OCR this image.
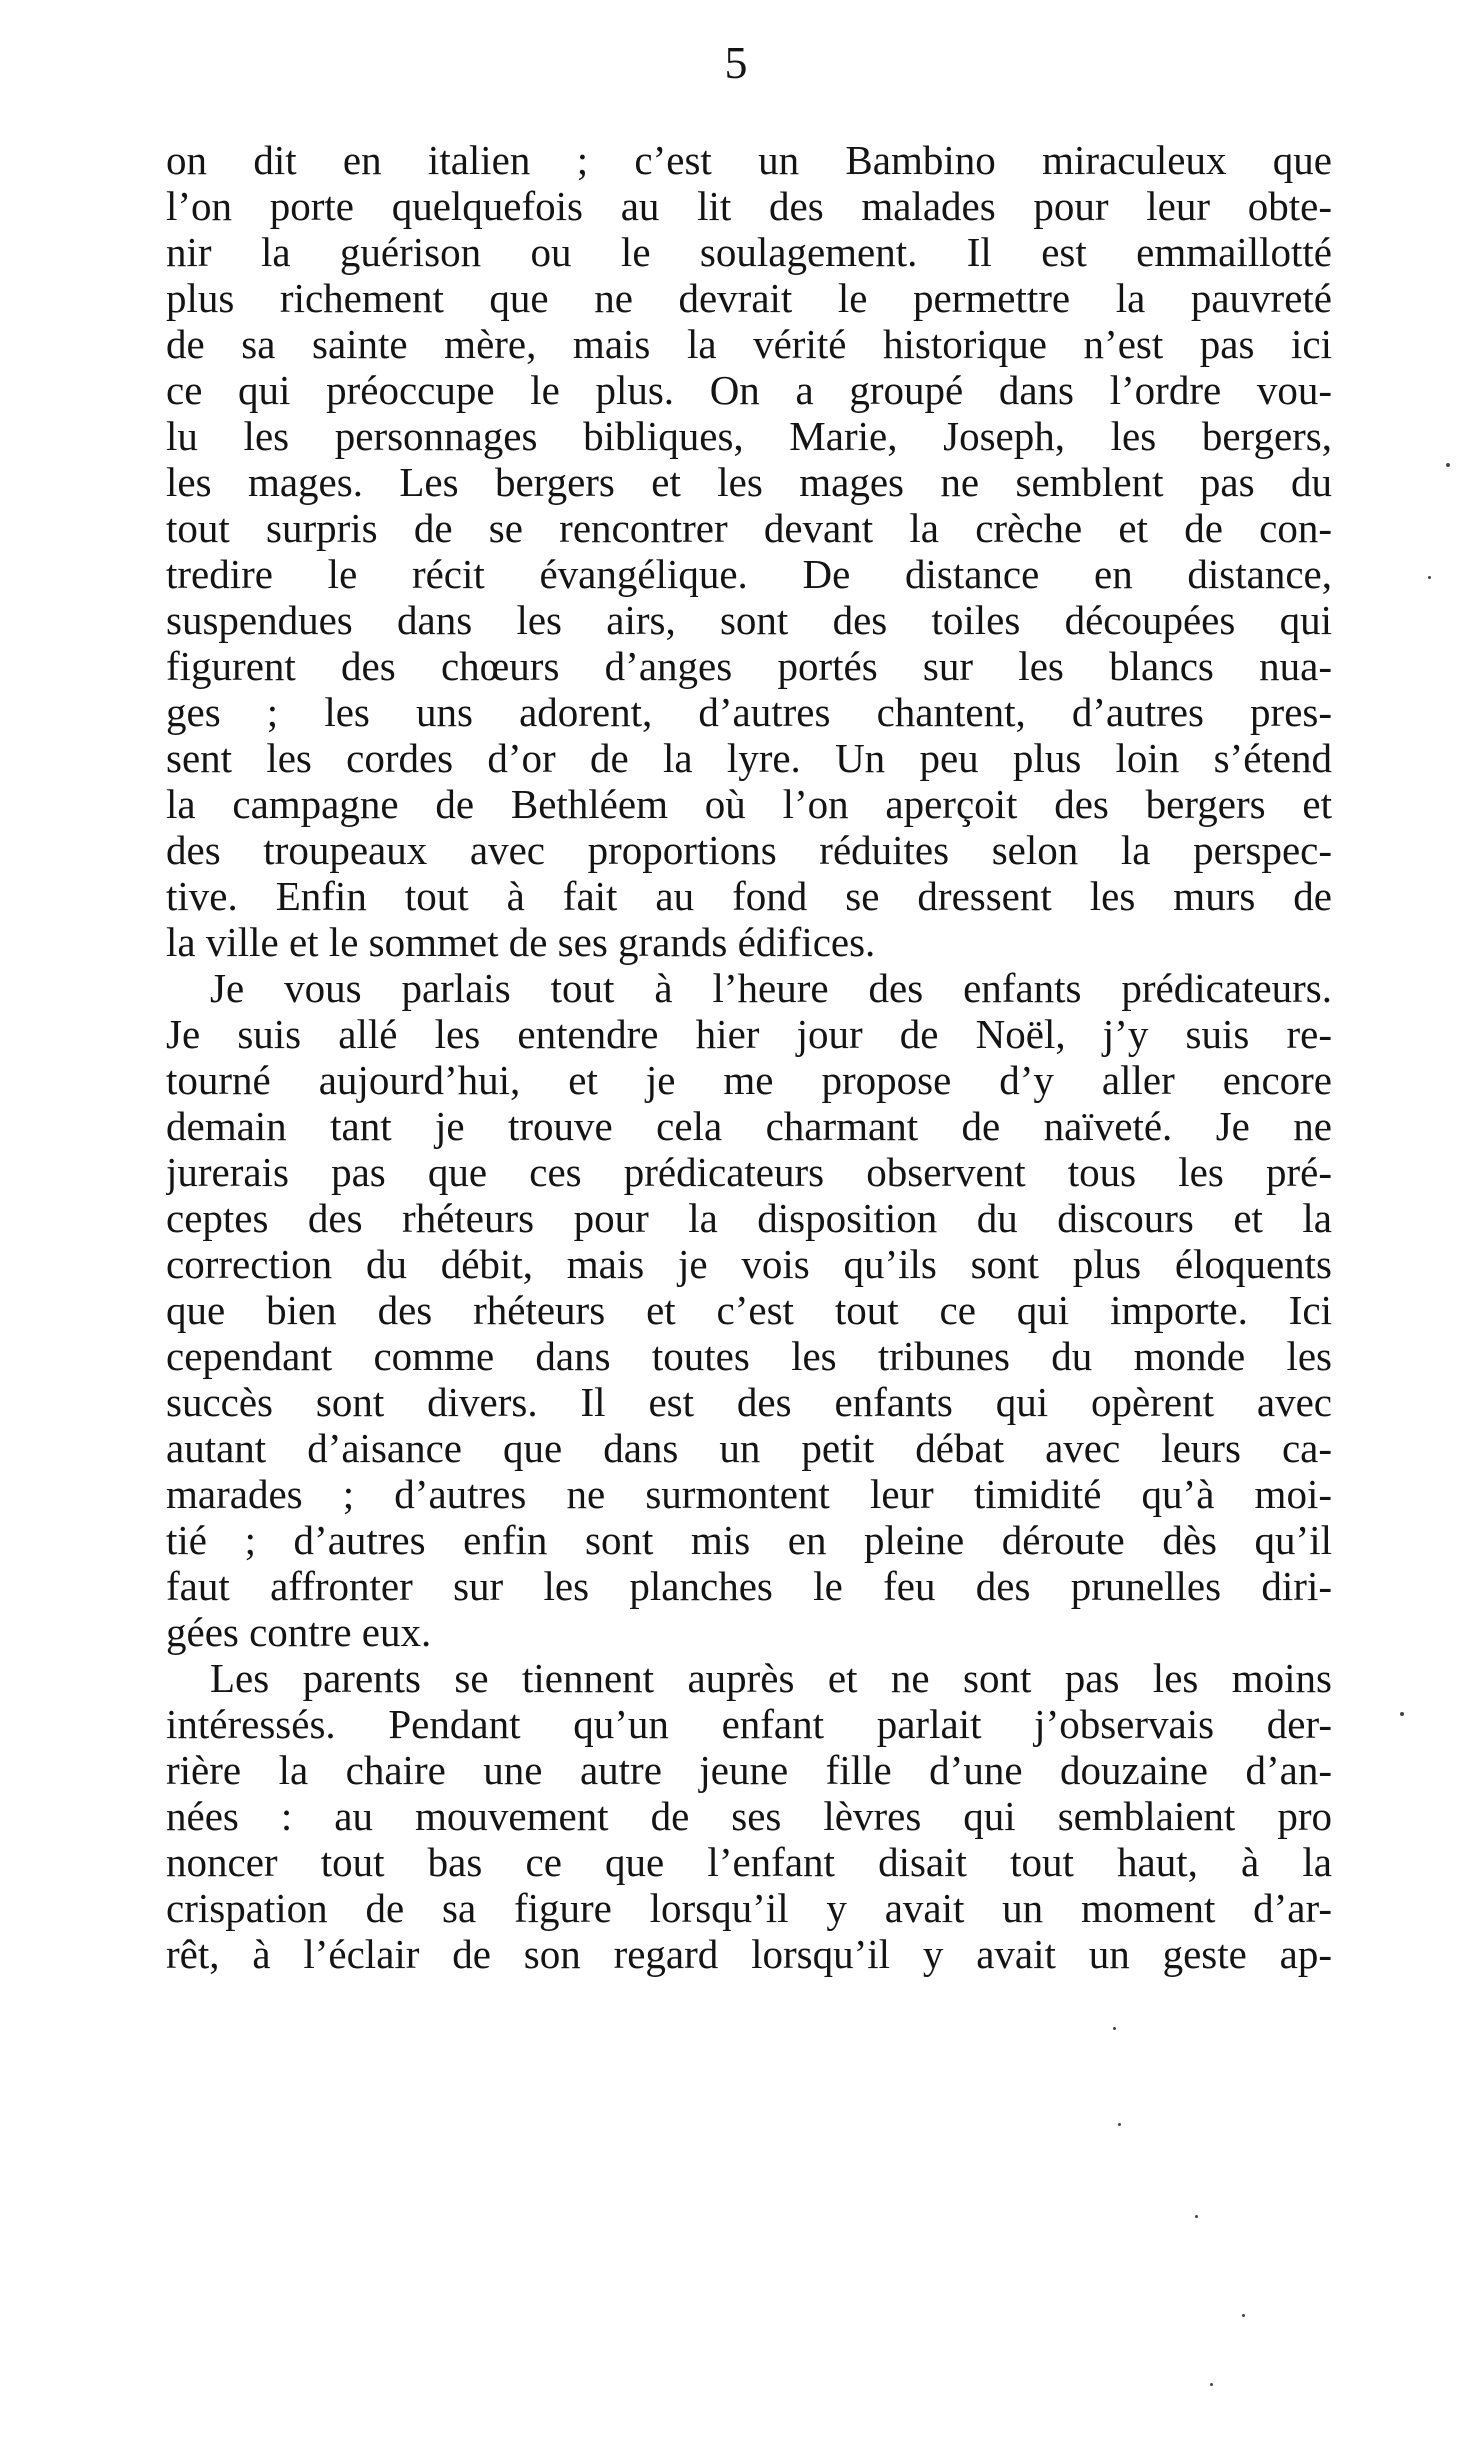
5
on dit en italien ; c’est un Bambino miraculeux que
l’on porte quelquefois au lit des malades pour leur obte-
nir la guérison ou le soulagement. Il est emmaillotté
plus richement que ne devrait le permettre la pauvreté
de sa sainte mère, mais la vérité historique n’est pas ici
ce qui préoccupe le plus. On a groupé dans l’ordre vou-
lu les personnages bibliques, Marie, Joseph, les bergers,
les mages. Les bergers et les mages ne semblent pas du
tout surpris de se rencontrer devant la crèche et de con-
tredire le récit évangélique. De distance en distance,
suspendues dans les airs, sont des toiles découpées qui
figurent des chœurs d’anges portés sur les blancs nua-
ges ; les uns adorent, d’autres chantent, d’autres pres-
sent les cordes d’or de la lyre. Un peu plus loin s’étend
la campagne de Bethléem où l’on aperçoit des bergers et
des troupeaux avec proportions réduites selon la perspec-
tive. Enfin tout à fait au fond se dressent les murs de
la ville et le sommet de ses grands édifices.
Je vous parlais tout à l’heure des enfants prédicateurs.
Je suis allé les entendre hier jour de Noël, j’y suis re-
tourné aujourd’hui, et je me propose d’y aller encore
demain tant je trouve cela charmant de naïveté. Je ne
jurerais pas que ces prédicateurs observent tous les pré-
ceptes des rhéteurs pour la disposition du discours et la
correction du débit, mais je vois qu’ils sont plus éloquents
que bien des rhéteurs et c’est tout ce qui importe. Ici
cependant comme dans toutes les tribunes du monde les
succès sont divers. Il est des enfants qui opèrent avec
autant d’aisance que dans un petit débat avec leurs ca-
marades ; d’autres ne surmontent leur timidité qu’à moi-
tié ; d’autres enfin sont mis en pleine déroute dès qu’il
faut affronter sur les planches le feu des prunelles diri-
gées contre eux.
Les parents se tiennent auprès et ne sont pas les moins
intéressés. Pendant qu’un enfant parlait j’observais der-
rière la chaire une autre jeune fille d’une douzaine d’an-
nées : au mouvement de ses lèvres qui semblaient pro
noncer tout bas ce que l’enfant disait tout haut, à la
crispation de sa figure lorsqu’il y avait un moment d’ar-
rêt, à l’éclair de son regard lorsqu’il y avait un geste ap-
